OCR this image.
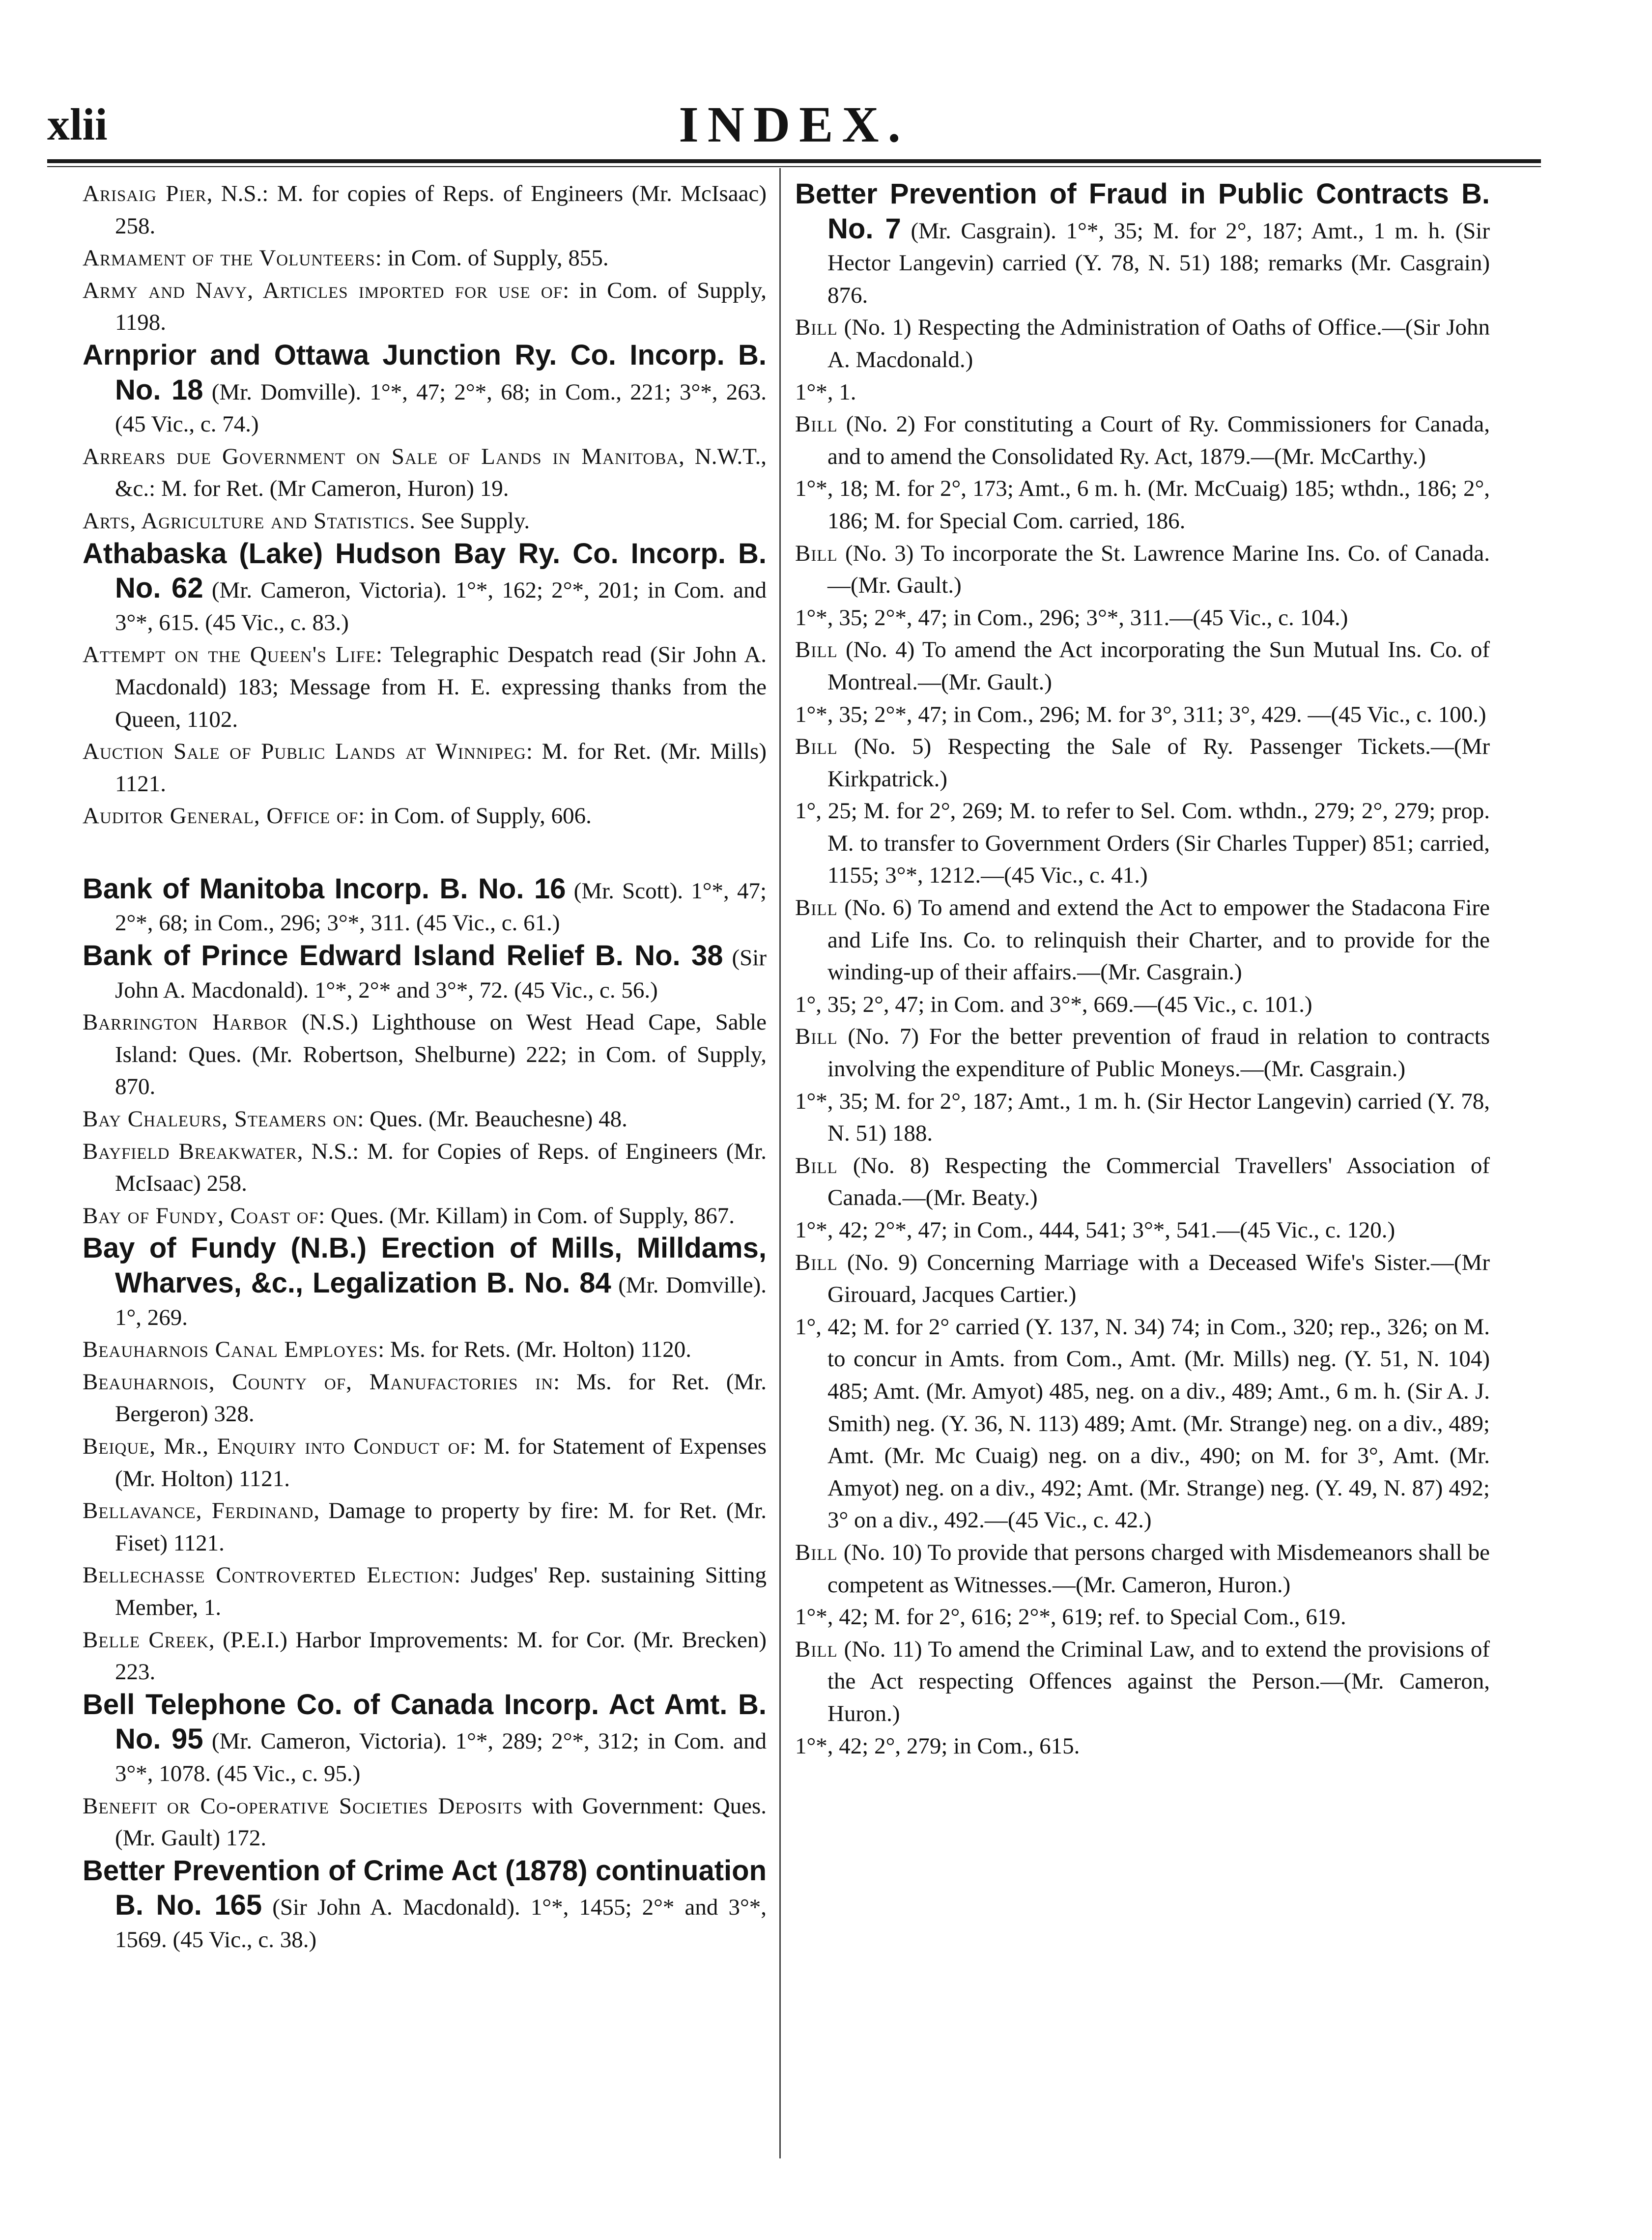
xlii	INDEX.

Arisaig Pier, N.S.: M. for copies of Reps. of Engineers (Mr. McIsaac) 258.

Armament of the Volunteers: in Com. of Supply, 855.

Army and Navy, Articles imported for use of: in Com. of Supply, 1198.

Arnprior and Ottawa Junction Ry. Co. Incorp. B. No. 18 (Mr. Domville). 1°*, 47; 2°*, 68; in Com., 221; 3°*, 263. (45 Vic., c. 74.)

Arrears due Government on Sale of Lands in Manitoba, N.W.T., &c.: M. for Ret. (Mr Cameron, Huron) 19.

Arts, Agriculture and Statistics. See Supply.

Athabaska (Lake) Hudson Bay Ry. Co. Incorp. B. No. 62 (Mr. Cameron, Victoria). 1°*, 162; 2°*, 201; in Com. and 3°*, 615. (45 Vic., c. 83.)

Attempt on the Queen's Life: Telegraphic Despatch read (Sir John A. Macdonald) 183; Message from H. E. expressing thanks from the Queen, 1102.

Auction Sale of Public Lands at Winnipeg: M. for Ret. (Mr. Mills) 1121.

Auditor General, Office of: in Com. of Supply, 606.

Bank of Manitoba Incorp. B. No. 16 (Mr. Scott). 1°*, 47; 2°*, 68; in Com., 296; 3°*, 311. (45 Vic., c. 61.)

Bank of Prince Edward Island Relief B. No. 38 (Sir John A. Macdonald). 1°*, 2°* and 3°*, 72. (45 Vic., c. 56.)

Barrington Harbor (N.S.) Lighthouse on West Head Cape, Sable Island: Ques. (Mr. Robertson, Shelburne) 222; in Com. of Supply, 870.

Bay Chaleurs, Steamers on: Ques. (Mr. Beauchesne) 48.

Bayfield Breakwater, N.S.: M. for Copies of Reps. of Engineers (Mr. McIsaac) 258.

Bay of Fundy, Coast of: Ques. (Mr. Killam) in Com. of Supply, 867.

Bay of Fundy (N.B.) Erection of Mills, Milldams, Wharves, &c., Legalization B. No. 84 (Mr. Domville). 1°, 269.

Beauharnois Canal Employes: Ms. for Rets. (Mr. Holton) 1120.

Beauharnois, County of, Manufactories in: Ms. for Ret. (Mr. Bergeron) 328.

Beique, Mr., Enquiry into Conduct of: M. for Statement of Expenses (Mr. Holton) 1121.

Bellavance, Ferdinand, Damage to property by fire: M. for Ret. (Mr. Fiset) 1121.

Bellechasse Controverted Election: Judges' Rep. sustaining Sitting Member, 1.

Belle Creek, (P.E.I.) Harbor Improvements: M. for Cor. (Mr. Brecken) 223.

Bell Telephone Co. of Canada Incorp. Act Amt. B. No. 95 (Mr. Cameron, Victoria). 1°*, 289; 2°*, 312; in Com. and 3°*, 1078. (45 Vic., c. 95.)

Benefit or Co-operative Societies Deposits with Government: Ques. (Mr. Gault) 172.

Better Prevention of Crime Act (1878) continuation B. No. 165 (Sir John A. Macdonald). 1°*, 1455; 2°* and 3°*, 1569. (45 Vic., c. 38.)

Better Prevention of Fraud in Public Contracts B. No. 7 (Mr. Casgrain). 1°*, 35; M. for 2°, 187; Amt., 1 m. h. (Sir Hector Langevin) carried (Y. 78, N. 51) 188; remarks (Mr. Casgrain) 876.

Bill (No. 1) Respecting the Administration of Oaths of Office.—(Sir John A. Macdonald.)
1°*, 1.

Bill (No. 2) For constituting a Court of Ry. Commissioners for Canada, and to amend the Consolidated Ry. Act, 1879.—(Mr. McCarthy.)
1°*, 18; M. for 2°, 173; Amt., 6 m. h. (Mr. McCuaig) 185; wthdn., 186; 2°, 186; M. for Special Com. carried, 186.

Bill (No. 3) To incorporate the St. Lawrence Marine Ins. Co. of Canada.—(Mr. Gault.)
1°*, 35; 2°*, 47; in Com., 296; 3°*, 311.—(45 Vic., c. 104.)

Bill (No. 4) To amend the Act incorporating the Sun Mutual Ins. Co. of Montreal.—(Mr. Gault.)
1°*, 35; 2°*, 47; in Com., 296; M. for 3°, 311; 3°, 429. —(45 Vic., c. 100.)

Bill (No. 5) Respecting the Sale of Ry. Passenger Tickets.—(Mr Kirkpatrick.)
1°, 25; M. for 2°, 269; M. to refer to Sel. Com. wthdn., 279; 2°, 279; prop. M. to transfer to Government Orders (Sir Charles Tupper) 851; carried, 1155; 3°*, 1212.—(45 Vic., c. 41.)

Bill (No. 6) To amend and extend the Act to empower the Stadacona Fire and Life Ins. Co. to relinquish their Charter, and to provide for the winding-up of their affairs.—(Mr. Casgrain.)
1°, 35; 2°, 47; in Com. and 3°*, 669.—(45 Vic., c. 101.)

Bill (No. 7) For the better prevention of fraud in relation to contracts involving the expenditure of Public Moneys.—(Mr. Casgrain.)
1°*, 35; M. for 2°, 187; Amt., 1 m. h. (Sir Hector Langevin) carried (Y. 78, N. 51) 188.

Bill (No. 8) Respecting the Commercial Travellers' Association of Canada.—(Mr. Beaty.)
1°*, 42; 2°*, 47; in Com., 444, 541; 3°*, 541.—(45 Vic., c. 120.)

Bill (No. 9) Concerning Marriage with a Deceased Wife's Sister.—(Mr Girouard, Jacques Cartier.)
1°, 42; M. for 2° carried (Y. 137, N. 34) 74; in Com., 320; rep., 326; on M. to concur in Amts. from Com., Amt. (Mr. Mills) neg. (Y. 51, N. 104) 485; Amt. (Mr. Amyot) 485, neg. on a div., 489; Amt., 6 m. h. (Sir A. J. Smith) neg. (Y. 36, N. 113) 489; Amt. (Mr. Strange) neg. on a div., 489; Amt. (Mr. Mc Cuaig) neg. on a div., 490; on M. for 3°, Amt. (Mr. Amyot) neg. on a div., 492; Amt. (Mr. Strange) neg. (Y. 49, N. 87) 492; 3° on a div., 492.—(45 Vic., c. 42.)

Bill (No. 10) To provide that persons charged with Misdemeanors shall be competent as Witnesses.—(Mr. Cameron, Huron.)
1°*, 42; M. for 2°, 616; 2°*, 619; ref. to Special Com., 619.

Bill (No. 11) To amend the Criminal Law, and to extend the provisions of the Act respecting Offences against the Person.—(Mr. Cameron, Huron.)
1°*, 42; 2°, 279; in Com., 615.
